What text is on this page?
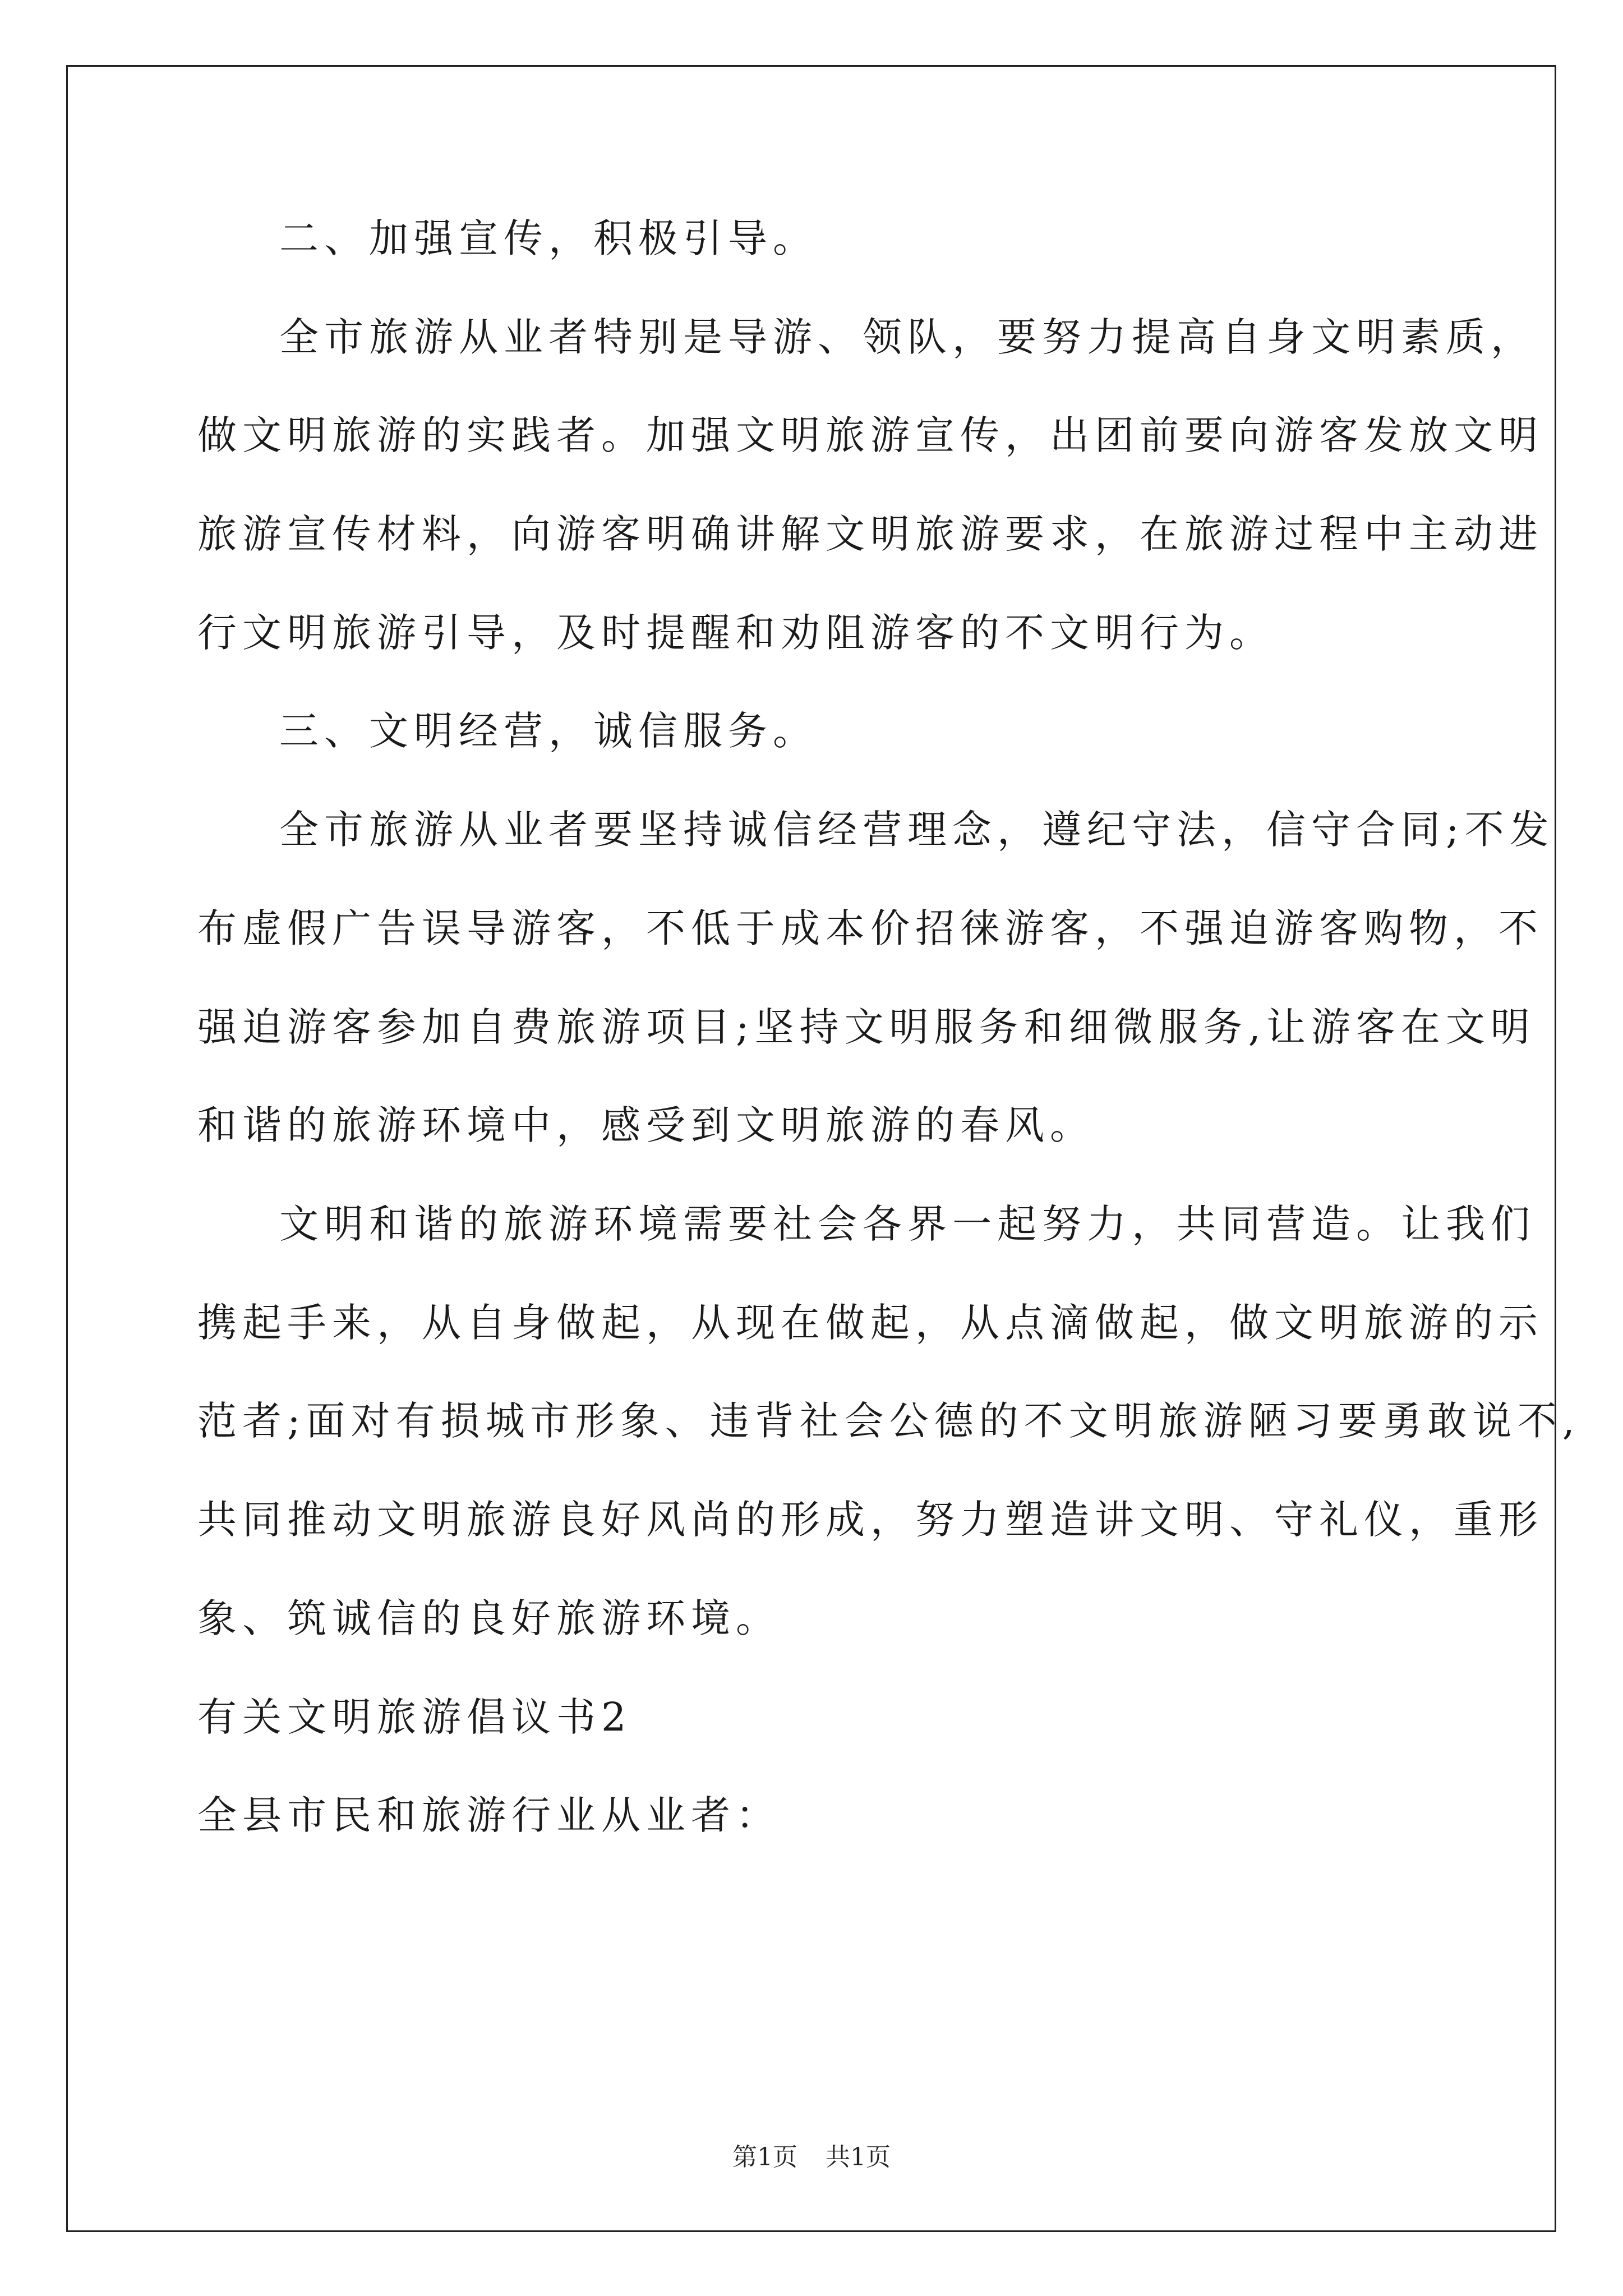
二、加强宣传，积极引导。
全市旅游从业者特别是导游、领队，要努力提高自身文明素质，
做文明旅游的实践者。加强文明旅游宣传，出团前要向游客发放文明
旅游宣传材料，向游客明确讲解文明旅游要求，在旅游过程中主动进
行文明旅游引导，及时提醒和劝阻游客的不文明行为。
三、文明经营，诚信服务。
全市旅游从业者要坚持诚信经营理念，遵纪守法，信守合同;不发
布虚假广告误导游客，不低于成本价招徕游客，不强迫游客购物，不
强迫游客参加自费旅游项目;坚持文明服务和细微服务,让游客在文明
和谐的旅游环境中，感受到文明旅游的春风。
文明和谐的旅游环境需要社会各界一起努力，共同营造。让我们
携起手来，从自身做起，从现在做起，从点滴做起，做文明旅游的示
范者;面对有损城市形象、违背社会公德的不文明旅游陋习要勇敢说不,
共同推动文明旅游良好风尚的形成，努力塑造讲文明、守礼仪，重形
象、筑诚信的良好旅游环境。
有关文明旅游倡议书2
全县市民和旅游行业从业者：
第1页 共1页
